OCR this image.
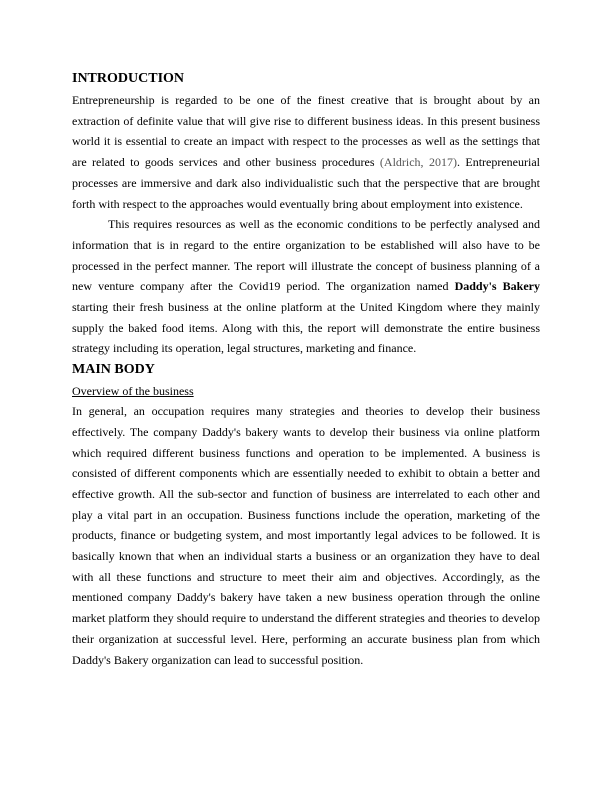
INTRODUCTION

Entrepreneurship is regarded to be one of the finest creative that is brought about by an extraction of definite value that will give rise to different business ideas. In this present business world it is essential to create an impact with respect to the processes as well as the settings that are related to goods services and other business procedures (Aldrich, 2017). Entrepreneurial processes are immersive and dark also individualistic such that the perspective that are brought forth with respect to the approaches would eventually bring about employment into existence.

This requires resources as well as the economic conditions to be perfectly analysed and information that is in regard to the entire organization to be established will also have to be processed in the perfect manner. The report will illustrate the concept of business planning of a new venture company after the Covid19 period. The organization named Daddy's Bakery starting their fresh business at the online platform at the United Kingdom where they mainly supply the baked food items. Along with this, the report will demonstrate the entire business strategy including its operation, legal structures, marketing and finance.

MAIN BODY

Overview of the business

In general, an occupation requires many strategies and theories to develop their business effectively. The company Daddy's bakery wants to develop their business via online platform which required different business functions and operation to be implemented. A business is consisted of different components which are essentially needed to exhibit to obtain a better and effective growth. All the sub-sector and function of business are interrelated to each other and play a vital part in an occupation. Business functions include the operation, marketing of the products, finance or budgeting system, and most importantly legal advices to be followed. It is basically known that when an individual starts a business or an organization they have to deal with all these functions and structure to meet their aim and objectives. Accordingly, as the mentioned company Daddy's bakery have taken a new business operation through the online market platform they should require to understand the different strategies and theories to develop their organization at successful level. Here, performing an accurate business plan from which Daddy's Bakery organization can lead to successful position.
